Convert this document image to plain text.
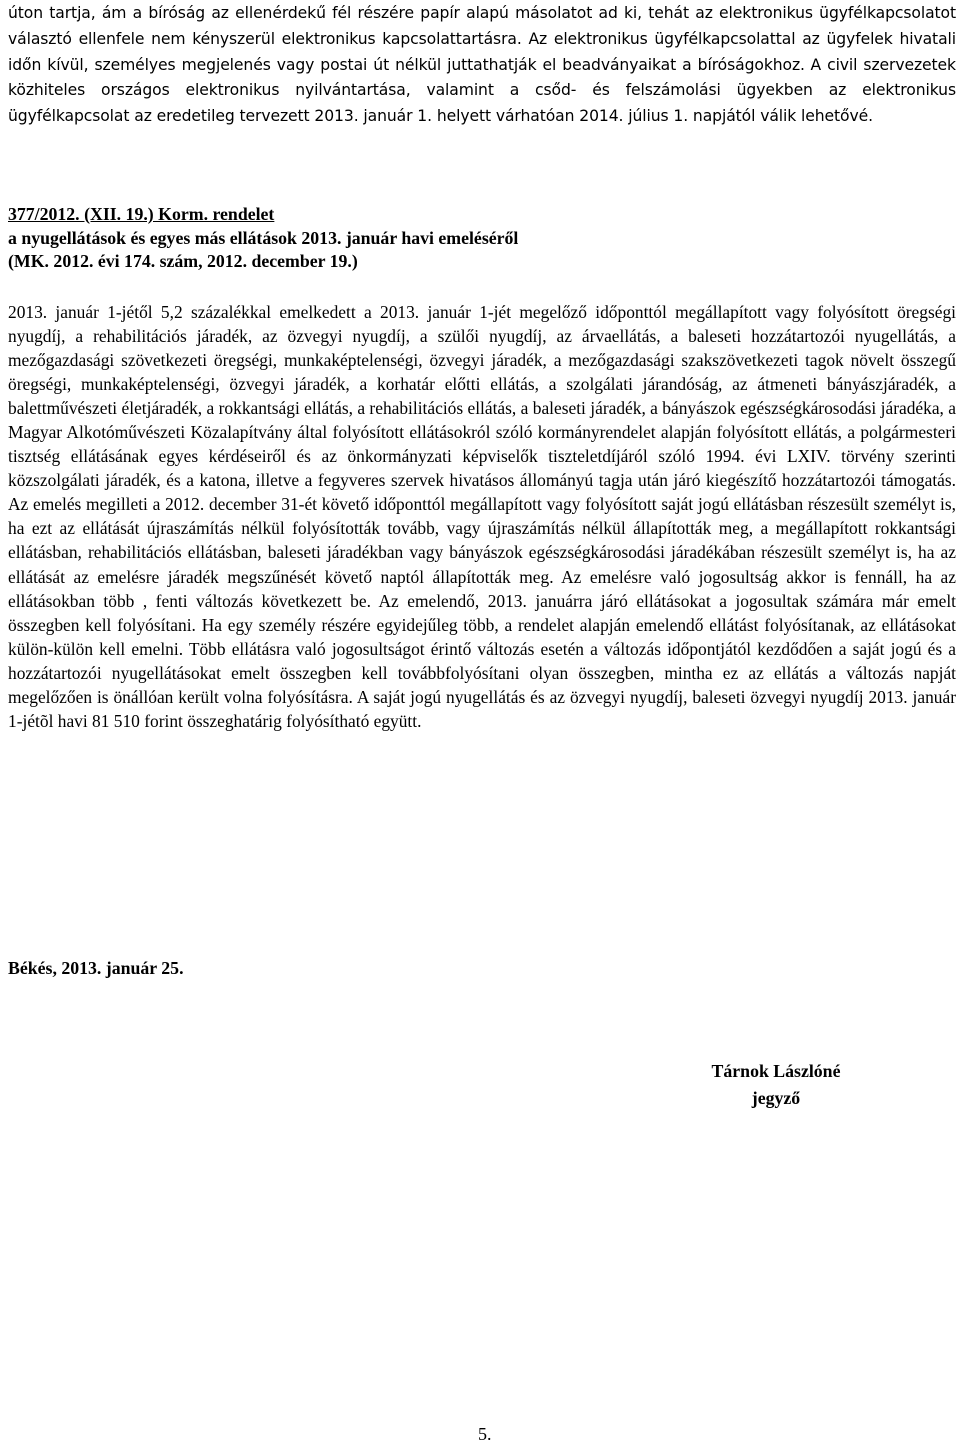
úton tartja, ám a bíróság az ellenérdekű fél részére papír alapú másolatot ad ki, tehát az elektronikus ügyfélkapcsolatot választó ellenfele nem kényszerül elektronikus kapcsolattartásra. Az elektronikus ügyfélkapcsolattal az ügyfelek hivatali időn kívül, személyes megjelenés vagy postai út nélkül juttathatják el beadványaikat a bíróságokhoz. A civil szervezetek közhiteles országos elektronikus nyilvántartása, valamint a csőd- és felszámolási ügyekben az elektronikus ügyfélkapcsolat az eredetileg tervezett 2013. január 1. helyett várhatóan 2014. július 1. napjától válik lehetővé.

377/2012. (XII. 19.) Korm. rendelet
a nyugellátások és egyes más ellátások 2013. január havi emeléséről
(MK. 2012. évi 174. szám, 2012. december 19.)

2013. január 1-jétől 5,2 százalékkal emelkedett a 2013. január 1-jét megelőző időponttól megállapított vagy folyósított öregségi nyugdíj, a rehabilitációs járadék, az özvegyi nyugdíj, a szülői nyugdíj, az árvaellátás, a baleseti hozzátartozói nyugellátás, a mezőgazdasági szövetkezeti öregségi, munkaképtelenségi, özvegyi járadék, a mezőgazdasági szakszövetkezeti tagok növelt összegű öregségi, munkaképtelenségi, özvegyi járadék, a korhatár előtti ellátás, a szolgálati járandóság, az átmeneti bányászjáradék, a balettművészeti életjáradék, a rokkantsági ellátás, a rehabilitációs ellátás, a baleseti járadék, a bányászok egészségkárosodási járadéka, a Magyar Alkotóművészeti Közalapítvány által folyósított ellátásokról szóló kormányrendelet alapján folyósított ellátás, a polgármesteri tisztség ellátásának egyes kérdéseiről és az önkormányzati képviselők tiszteletdíjáról szóló 1994. évi LXIV. törvény szerinti közszolgálati járadék, és a katona, illetve a fegyveres szervek hivatásos állományú tagja után járó kiegészítő hozzátartozói támogatás. Az emelés megilleti a 2012. december 31-ét követő időponttól megállapított vagy folyósított saját jogú ellátásban részesült személyt is, ha ezt az ellátását újraszámítás nélkül folyósították tovább, vagy újraszámítás nélkül állapították meg, a megállapított rokkantsági ellátásban, rehabilitációs ellátásban, baleseti járadékban vagy bányászok egészségkárosodási járadékában részesült személyt is, ha az ellátását az emelésre járadék megszűnését követő naptól állapították meg. Az emelésre való jogosultság akkor is fennáll, ha az ellátásokban több , fenti változás következett be. Az emelendő, 2013. januárra járó ellátásokat a jogosultak számára már emelt összegben kell folyósítani. Ha egy személy részére egyidejűleg több, a rendelet alapján emelendő ellátást folyósítanak, az ellátásokat külön-külön kell emelni. Több ellátásra való jogosultságot érintő változás esetén a változás időpontjától kezdődően a saját jogú és a hozzátartozói nyugellátásokat emelt összegben kell továbbfolyósítani olyan összegben, mintha ez az ellátás a változás napját megelőzően is önállóan került volna folyósításra. A saját jogú nyugellátás és az özvegyi nyugdíj, baleseti özvegyi nyugdíj 2013. január 1-jétõl havi 81 510 forint összeghatárig folyósítható együtt.

Békés, 2013. január 25.
Tárnok Lászlóné
jegyző
5.
